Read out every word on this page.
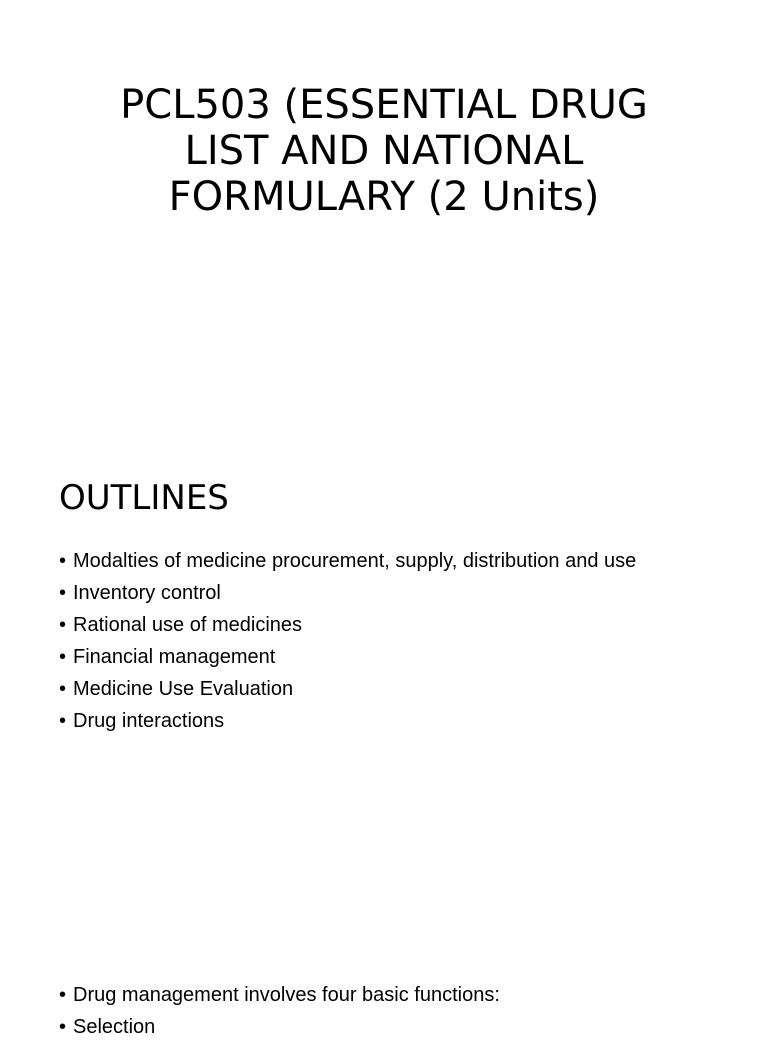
PCL503 (ESSENTIAL DRUG
LIST AND NATIONAL
FORMULARY (2 Units)
OUTLINES
• Modalties of medicine procurement, supply, distribution and use
• Inventory control
• Rational use of medicines
• Financial management
• Medicine Use Evaluation
• Drug interactions
• Drug management involves four basic functions:
• Selection
